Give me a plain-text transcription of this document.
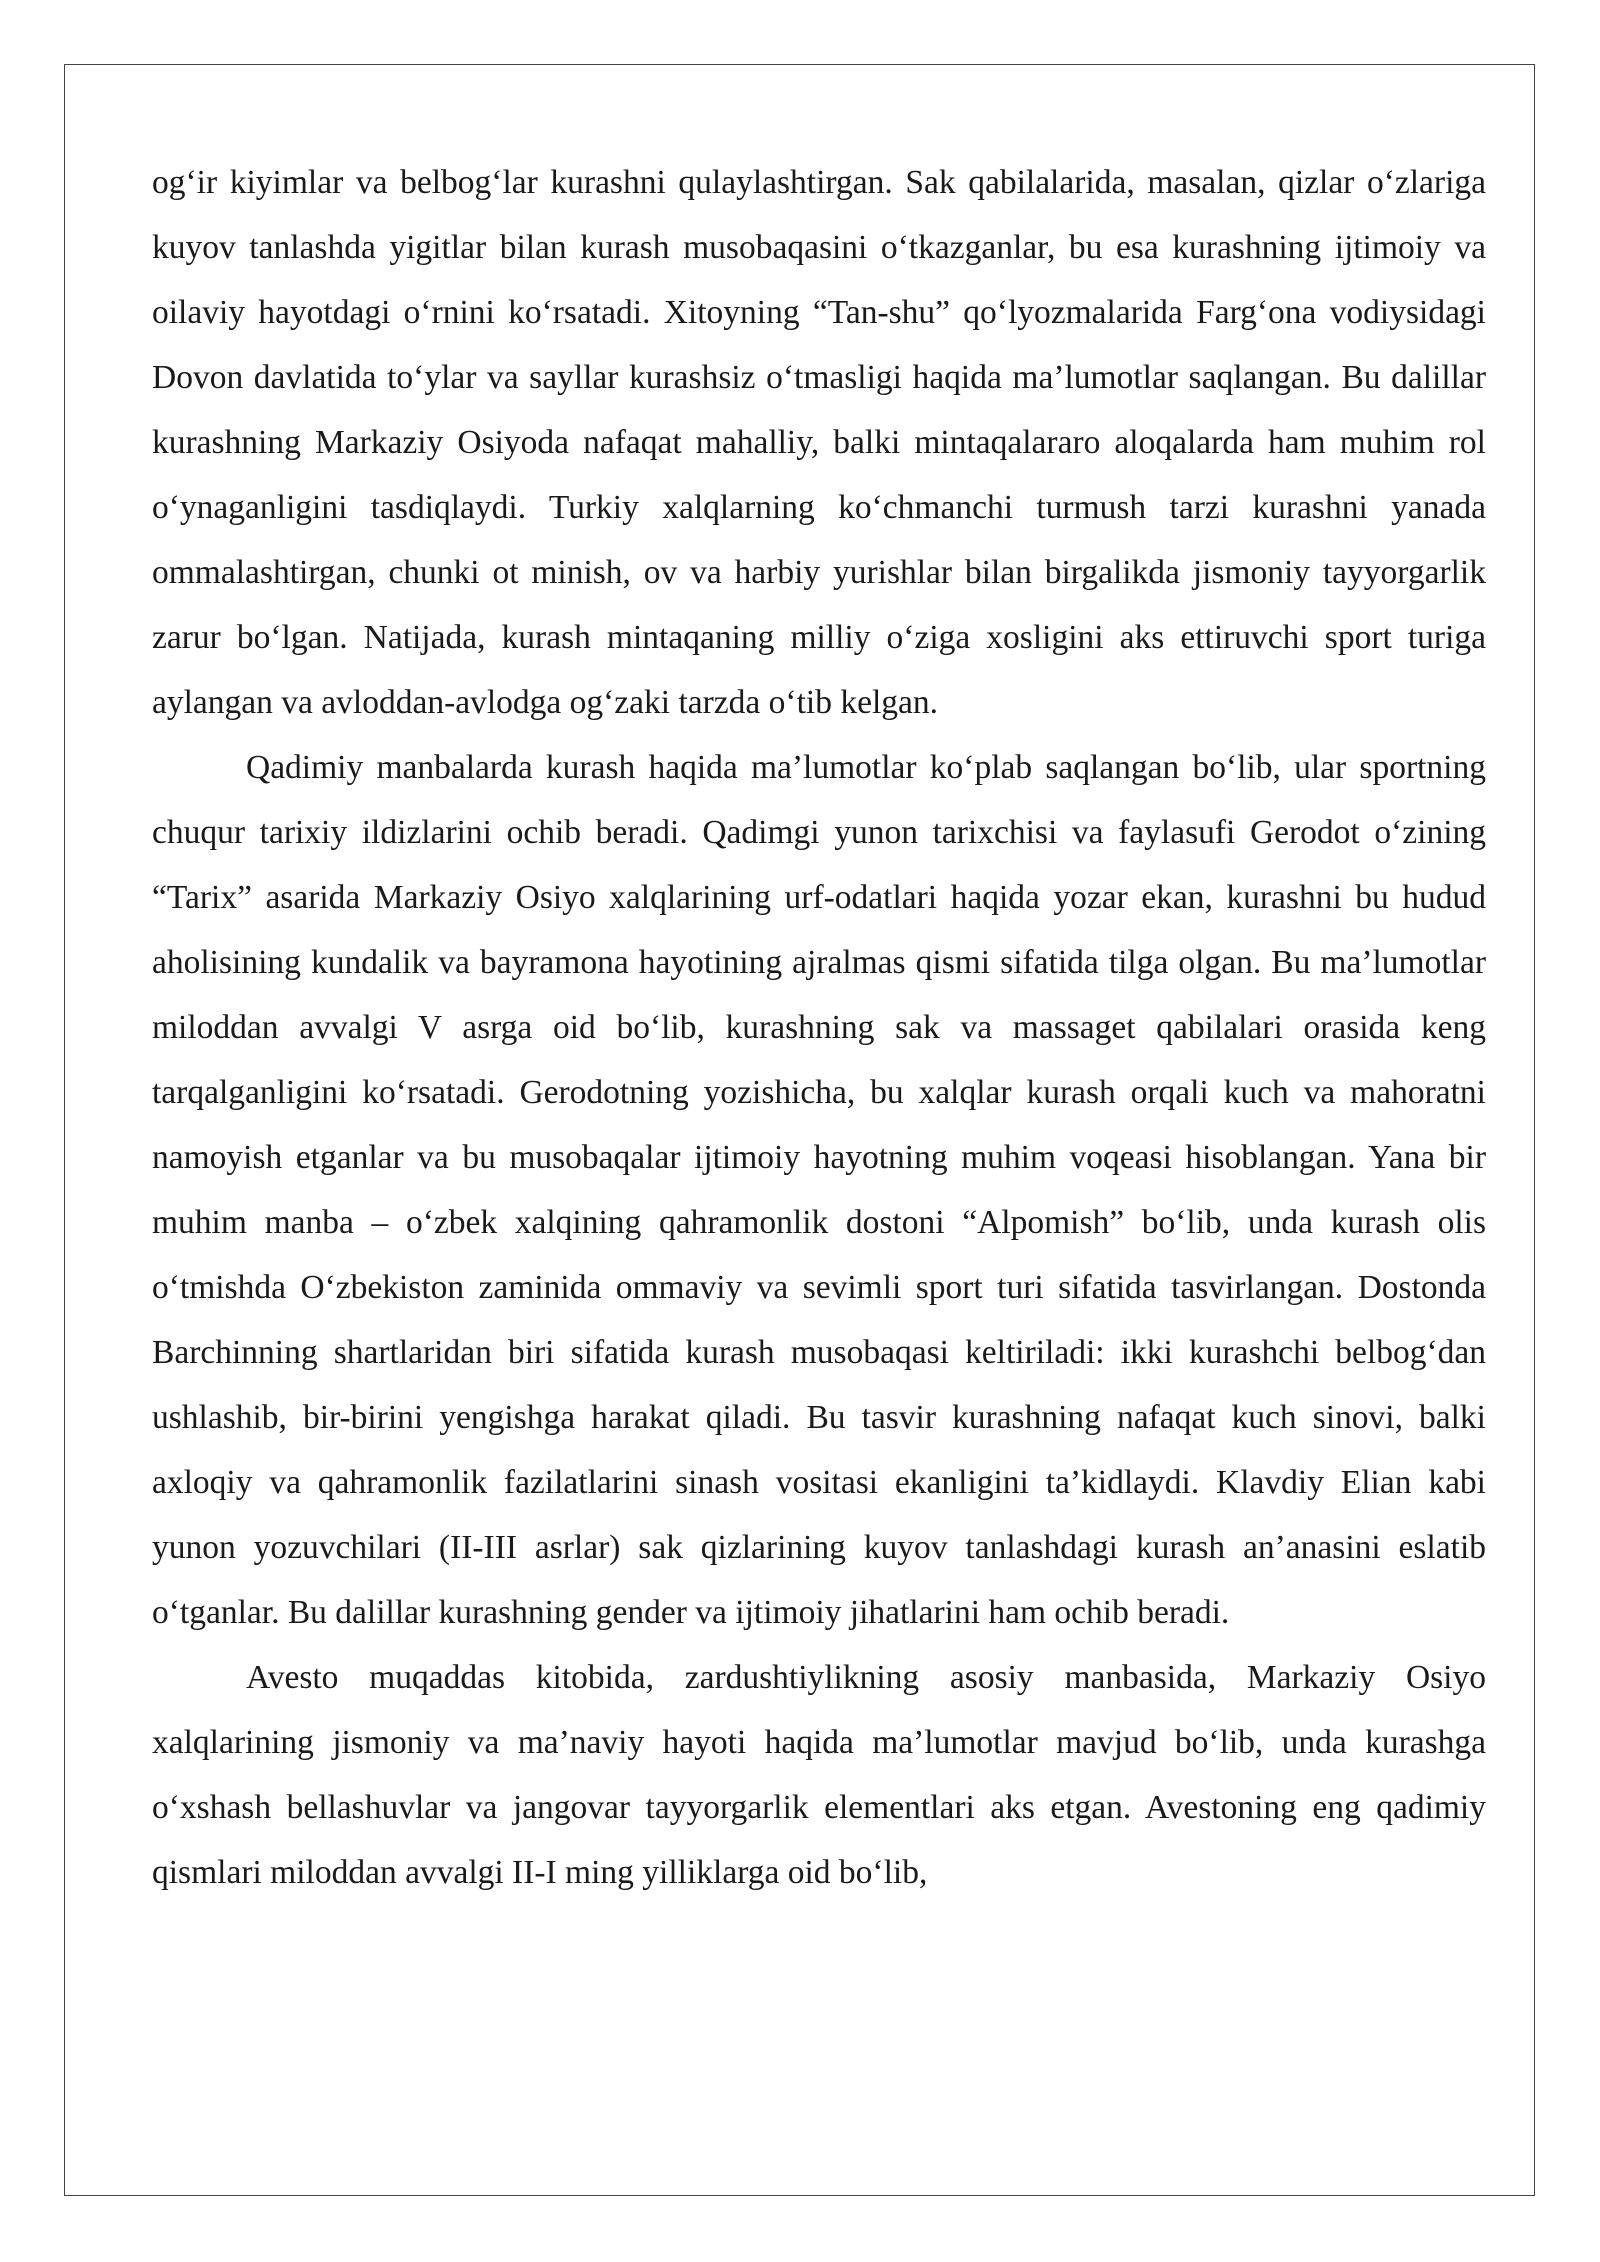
og‘ir kiyimlar va belbog‘lar kurashni qulaylashtirgan. Sak qabilalarida, masalan, qizlar o‘zlariga kuyov tanlashda yigitlar bilan kurash musobaqasini o‘tkazganlar, bu esa kurashning ijtimoiy va oilaviy hayotdagi o‘rnini ko‘rsatadi. Xitoyning “Tan-shu” qo‘lyozmalarida Farg‘ona vodiysidagi Dovon davlatida to‘ylar va sayllar kurashsiz o‘tmasligi haqida ma’lumotlar saqlangan. Bu dalillar kurashning Markaziy Osiyoda nafaqat mahalliy, balki mintaqalararo aloqalarda ham muhim rol o‘ynaganligini tasdiqlaydi. Turkiy xalqlarning ko‘chmanchi turmush tarzi kurashni yanada ommalashtirgan, chunki ot minish, ov va harbiy yurishlar bilan birgalikda jismoniy tayyorgarlik zarur bo‘lgan. Natijada, kurash mintaqaning milliy o‘ziga xosligini aks ettiruvchi sport turiga aylangan va avloddan-avlodga og‘zaki tarzda o‘tib kelgan.

Qadimiy manbalarda kurash haqida ma’lumotlar ko‘plab saqlangan bo‘lib, ular sportning chuqur tarixiy ildizlarini ochib beradi. Qadimgi yunon tarixchisi va faylasufi Gerodot o‘zining “Tarix” asarida Markaziy Osiyo xalqlarining urf-odatlari haqida yozar ekan, kurashni bu hudud aholisining kundalik va bayramona hayotining ajralmas qismi sifatida tilga olgan. Bu ma’lumotlar miloddan avvalgi V asrga oid bo‘lib, kurashning sak va massaget qabilalari orasida keng tarqalganligini ko‘rsatadi. Gerodotning yozishicha, bu xalqlar kurash orqali kuch va mahoratni namoyish etganlar va bu musobaqalar ijtimoiy hayotning muhim voqeasi hisoblangan. Yana bir muhim manba – o‘zbek xalqining qahramonlik dostoni “Alpomish” bo‘lib, unda kurash olis o‘tmishda O‘zbekiston zaminida ommaviy va sevimli sport turi sifatida tasvirlangan. Dostonda Barchinning shartlaridan biri sifatida kurash musobaqasi keltiriladi: ikki kurashchi belbog‘dan ushlashib, bir-birini yengishga harakat qiladi. Bu tasvir kurashning nafaqat kuch sinovi, balki axloqiy va qahramonlik fazilatlarini sinash vositasi ekanligini ta’kidlaydi. Klavdiy Elian kabi yunon yozuvchilari (II-III asrlar) sak qizlarining kuyov tanlashdagi kurash an’anasini eslatib o‘tganlar. Bu dalillar kurashning gender va ijtimoiy jihatlarini ham ochib beradi.

Avesto muqaddas kitobida, zardushtiylikning asosiy manbasida, Markaziy Osiyo xalqlarining jismoniy va ma’naviy hayoti haqida ma’lumotlar mavjud bo‘lib, unda kurashga o‘xshash bellashuvlar va jangovar tayyorgarlik elementlari aks etgan. Avestoning eng qadimiy qismlari miloddan avvalgi II-I ming yilliklarga oid bo‘lib,
